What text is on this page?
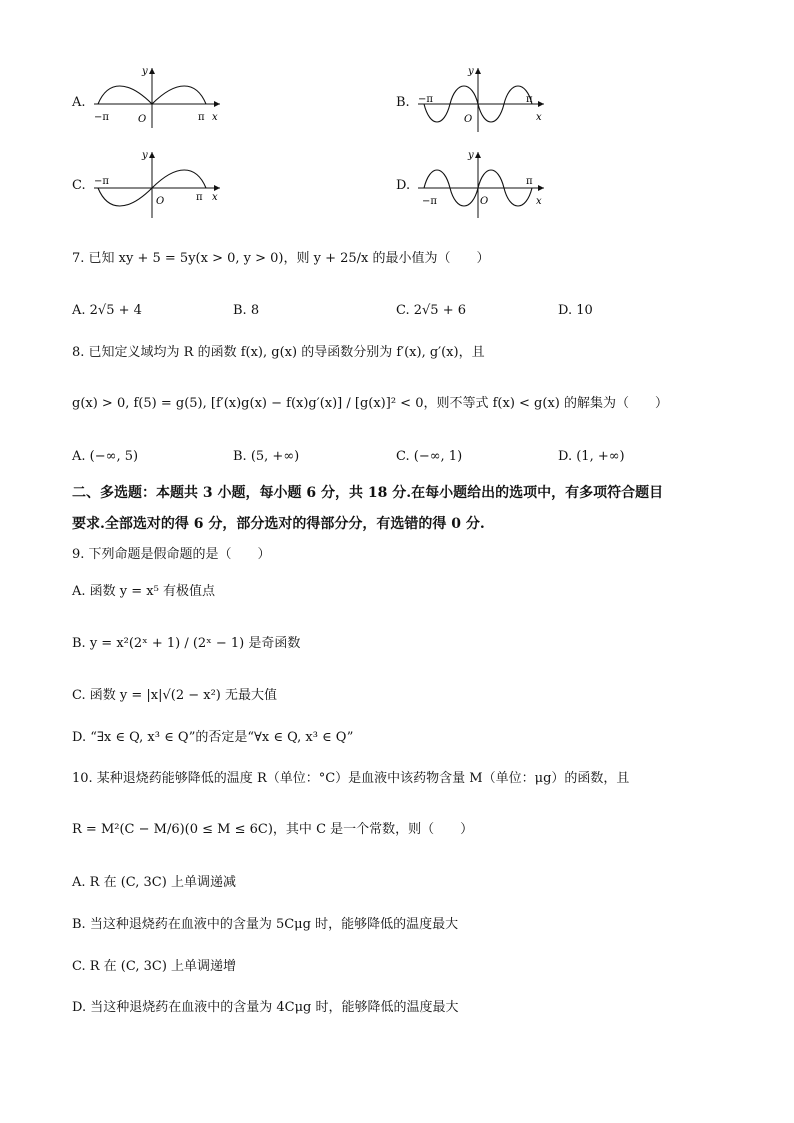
A.
−π	O	π x
y
B. −π
O
π
x
y
C. −π
O	π x
y
D.
−π	O
π
x
y
7. 已知 xy + 5 = 5y(x > 0, y > 0)，则 y + 25/x 的最小值为（　　）
A. 2√5 + 4	B. 8	C. 2√5 + 6	D. 10
8. 已知定义域均为 R 的函数 f(x), g(x) 的导函数分别为 f′(x), g′(x)，且
g(x) > 0, f(5) = g(5), [f′(x)g(x) − f(x)g′(x)] / [g(x)]² < 0，则不等式 f(x) < g(x) 的解集为（　　）
A. (−∞, 5)	B. (5, +∞)	C. (−∞, 1)	D. (1, +∞)
二、多选题：本题共 3 小题，每小题 6 分，共 18 分.在每小题给出的选项中，有多项符合题目
要求.全部选对的得 6 分，部分选对的得部分分，有选错的得 0 分.
9. 下列命题是假命题的是（　　）
A. 函数 y = x⁵ 有极值点
B. y = x²(2ˣ + 1) / (2ˣ − 1) 是奇函数
C. 函数 y = |x|√(2 − x²) 无最大值
D. “∃x ∈ Q, x³ ∈ Q”的否定是“∀x ∈ Q, x³ ∈ Q”
10. 某种退烧药能够降低的温度 R（单位：°C）是血液中该药物含量 M（单位：μg）的函数，且
R = M²(C − M/6)(0 ≤ M ≤ 6C)，其中 C 是一个常数，则（　　）
A. R 在 (C, 3C) 上单调递减
B. 当这种退烧药在血液中的含量为 5Cμg 时，能够降低的温度最大
C. R 在 (C, 3C) 上单调递增
D. 当这种退烧药在血液中的含量为 4Cμg 时，能够降低的温度最大
